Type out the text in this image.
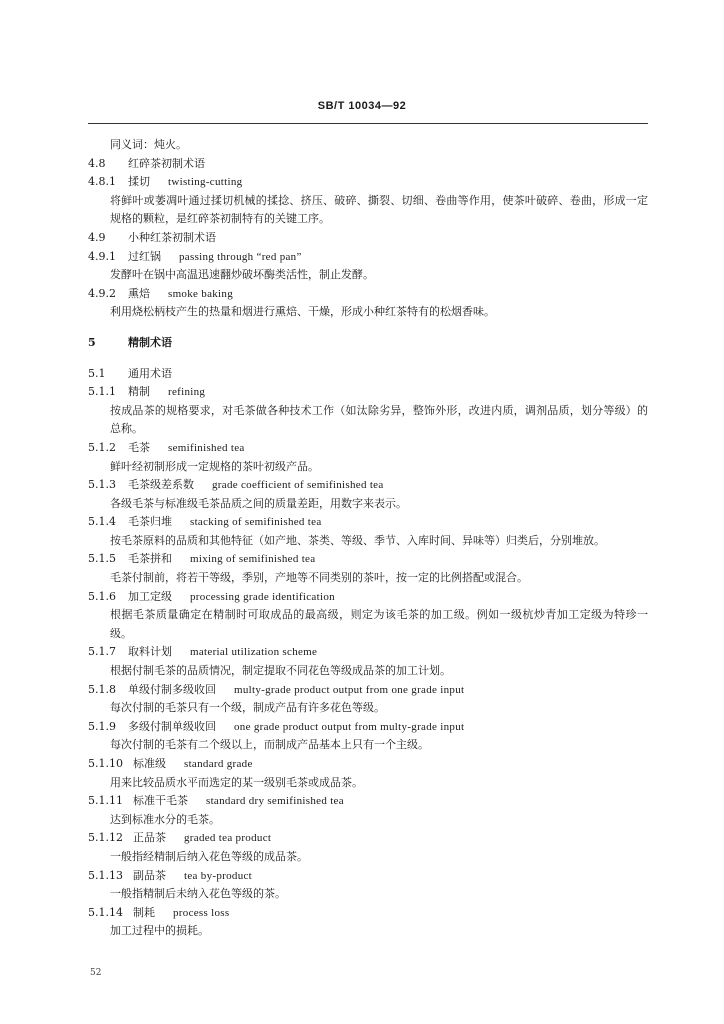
SB/T 10034—92
同义词：炖火。
4.8 红碎茶初制术语
4.8.1 揉切 twisting-cutting
将鲜叶或萎凋叶通过揉切机械的揉捻、挤压、破碎、撕裂、切细、卷曲等作用，使茶叶破碎、卷曲，形成一定规格的颗粒，是红碎茶初制特有的关键工序。
4.9 小种红茶初制术语
4.9.1 过红锅 passing through “red pan”
发酵叶在锅中高温迅速翻炒破坏酶类活性，制止发酵。
4.9.2 熏焙 smoke baking
利用烧松柄枝产生的热量和烟进行熏焙、干燥，形成小种红茶特有的松烟香味。
5	精制术语
5.1 通用术语
5.1.1 精制 refining
按成品茶的规格要求，对毛茶做各种技术工作（如汰除劣异，整饰外形，改进内质，调剂品质，划分等级）的总称。
5.1.2 毛茶 semifinished tea
鲜叶经初制形成一定规格的茶叶初级产品。
5.1.3 毛茶级差系数 grade coefficient of semifinished tea
各级毛茶与标准级毛茶品质之间的质量差距，用数字来表示。
5.1.4 毛茶归堆 stacking of semifinished tea
按毛茶原料的品质和其他特征（如产地、茶类、等级、季节、入库时间、异味等）归类后，分别堆放。
5.1.5 毛茶拼和 mixing of semifinished tea
毛茶付制前，将若干等级，季别，产地等不同类别的茶叶，按一定的比例搭配或混合。
5.1.6 加工定级 processing grade identification
根据毛茶质量确定在精制时可取成品的最高级，则定为该毛茶的加工级。例如一级杭炒青加工定级为特珍一级。
5.1.7 取料计划 material utilization scheme
根据付制毛茶的品质情况，制定提取不同花色等级成品茶的加工计划。
5.1.8 单级付制多级收回 multy-grade product output from one grade input
每次付制的毛茶只有一个级，制成产品有许多花色等级。
5.1.9 多级付制单级收回 one grade product output from multy-grade input
每次付制的毛茶有二个级以上，而制成产品基本上只有一个主级。
5.1.10 标准级 standard grade
用来比较品质水平而选定的某一级别毛茶或成品茶。
5.1.11 标准干毛茶 standard dry semifinished tea
达到标准水分的毛茶。
5.1.12 正品茶 graded tea product
一般指经精制后纳入花色等级的成品茶。
5.1.13 副品茶 tea by-product
一般指精制后未纳入花色等级的茶。
5.1.14 制耗 process loss
加工过程中的损耗。
52
